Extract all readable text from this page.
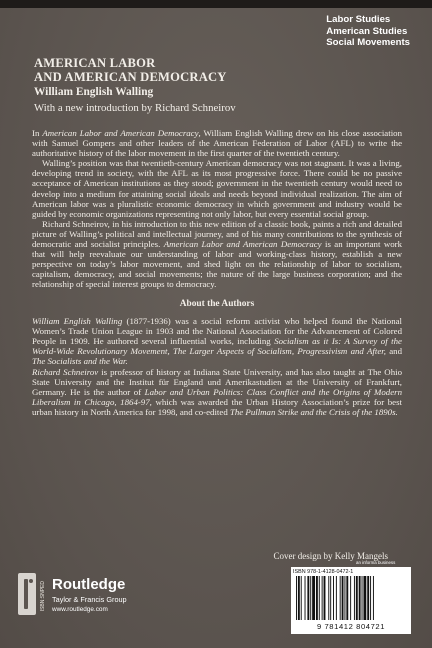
Labor Studies
American Studies
Social Movements
AMERICAN LABOR
AND AMERICAN DEMOCRACY
William English Walling
With a new introduction by Richard Schneirov

In American Labor and American Democracy, William English Walling drew on his close association with Samuel Gompers and other leaders of the American Federation of Labor (AFL) to write the authoritative history of the labor movement in the first quarter of the twentieth century.

Walling’s position was that twentieth-century American democracy was not stagnant. It was a living, developing trend in society, with the AFL as its most progressive force. There could be no passive acceptance of American institutions as they stood; government in the twentieth century would need to develop into a medium for attaining social ideals and needs beyond individual realization. The aim of American labor was a pluralistic economic democracy in which government and industry would be guided by economic organizations representing not only labor, but every essential social group.

Richard Schneirov, in his introduction to this new edition of a classic book, paints a rich and detailed picture of Walling’s political and intellectual journey, and of his many contributions to the synthesis of democratic and socialist principles. American Labor and American Democracy is an important work that will help reevaluate our understanding of labor and working-class history, establish a new perspective on today’s labor movement, and shed light on the relationship of labor to socialism, capitalism, democracy, and social movements; the nature of the large business corporation; and the relationship of special interest groups to democracy.

About the Authors

William English Walling (1877-1936) was a social reform activist who helped found the National Women’s Trade Union League in 1903 and the National Association for the Advancement of Colored People in 1909. He authored several influential works, including Socialism as it Is: A Survey of the World-Wide Revolutionary Movement, The Larger Aspects of Socialism, Progressivism and After, and The Socialists and the War.

Richard Schneirov is professor of history at Indiana State University, and has also taught at The Ohio State University and the Institut für England und Amerikastudien at the University of Frankfurt, Germany. He is the author of Labor and Urban Politics: Class Conflict and the Origins of Modern Liberalism in Chicago, 1864-97, which was awarded the Urban History Association’s prize for best urban history in North America for 1998, and co-edited The Pullman Strike and the Crisis of the 1890s.

Cover design by Kelly Mangels
ISBN:SNPED Routledge
Taylor & Francis Group
www.routledge.com
an informa business
ISBN 978-1-4128-0472-1
9 781412 804721
